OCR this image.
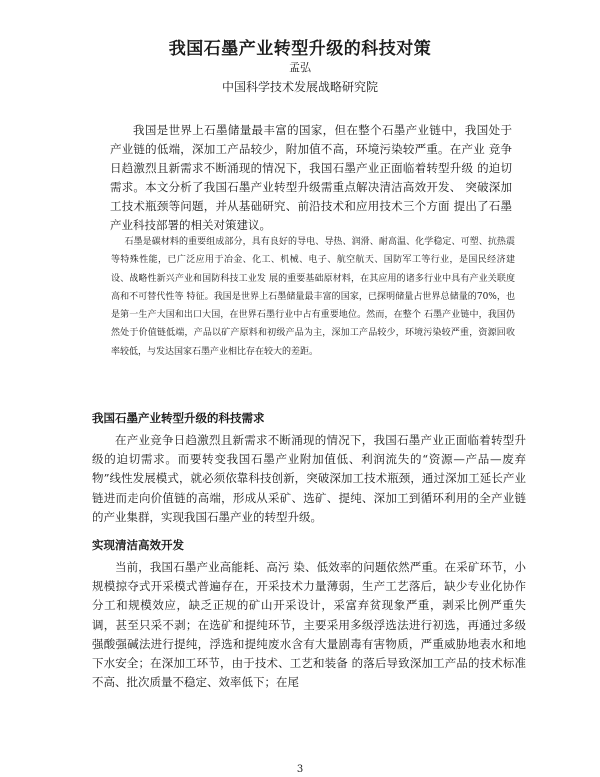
我国石墨产业转型升级的科技对策
孟弘
中国科学技术发展战略研究院

我国是世界上石墨储量最丰富的国家，但在整个石墨产业链中，我国处于产业链的低端，深加工产品较少，附加值不高，环境污染较严重。在产业 竞争日趋激烈且新需求不断涌现的情况下，我国石墨产业正面临着转型升级 的迫切需求。本文分析了我国石墨产业转型升级需重点解决清洁高效开发、 突破深加工技术瓶颈等问题，并从基础研究、前沿技术和应用技术三个方面 提出了石墨产业科技部署的相关对策建议。

石墨是碳材料的重要组成部分，具有良好的导电、导热、润滑、耐高温、化学稳定、可塑、抗热震等特殊性能，已广泛应用于冶金、化工、机械、电子、航空航天、国防军工等行业，是国民经济建设、战略性新兴产业和国防科技工业发 展的重要基础原材料，在其应用的诸多行业中具有产业关联度高和不可替代性等 特征。我国是世界上石墨储量最丰富的国家，已探明储量占世界总储量的70%，也是第一生产大国和出口大国，在世界石墨行业中占有重要地位。然而，在整个 石墨产业链中，我国仍然处于价值链低端，产品以矿产原料和初级产品为主，深加工产品较少，环境污染较严重，资源回收率较低，与发达国家石墨产业相比存在较大的差距。

我国石墨产业转型升级的科技需求

在产业竞争日趋激烈且新需求不断涌现的情况下，我国石墨产业正面临着转型升级的迫切需求。而要转变我国石墨产业附加值低、利润流失的“资源—产品—废弃物”线性发展模式，就必须依靠科技创新，突破深加工技术瓶颈，通过深加工延长产业链进而走向价值链的高端，形成从采矿、选矿、提纯、深加工到循环利用的全产业链的产业集群，实现我国石墨产业的转型升级。

实现清洁高效开发

当前，我国石墨产业高能耗、高污 染、低效率的问题依然严重。在采矿环节，小规模掠夺式开采模式普遍存在，开采技术力量薄弱，生产工艺落后，缺少专业化协作分工和规模效应，缺乏正规的矿山开采设计，采富弃贫现象严重，剥采比例严重失调，甚至只采不剥；在选矿和提纯环节，主要采用多级浮选法进行初选，再通过多级强酸强碱法进行提纯，浮选和提纯废水含有大量剧毒有害物质，严重威胁地表水和地下水安全；在深加工环节，由于技术、工艺和装备 的落后导致深加工产品的技术标准不高、批次质量不稳定、效率低下；在尾

3
